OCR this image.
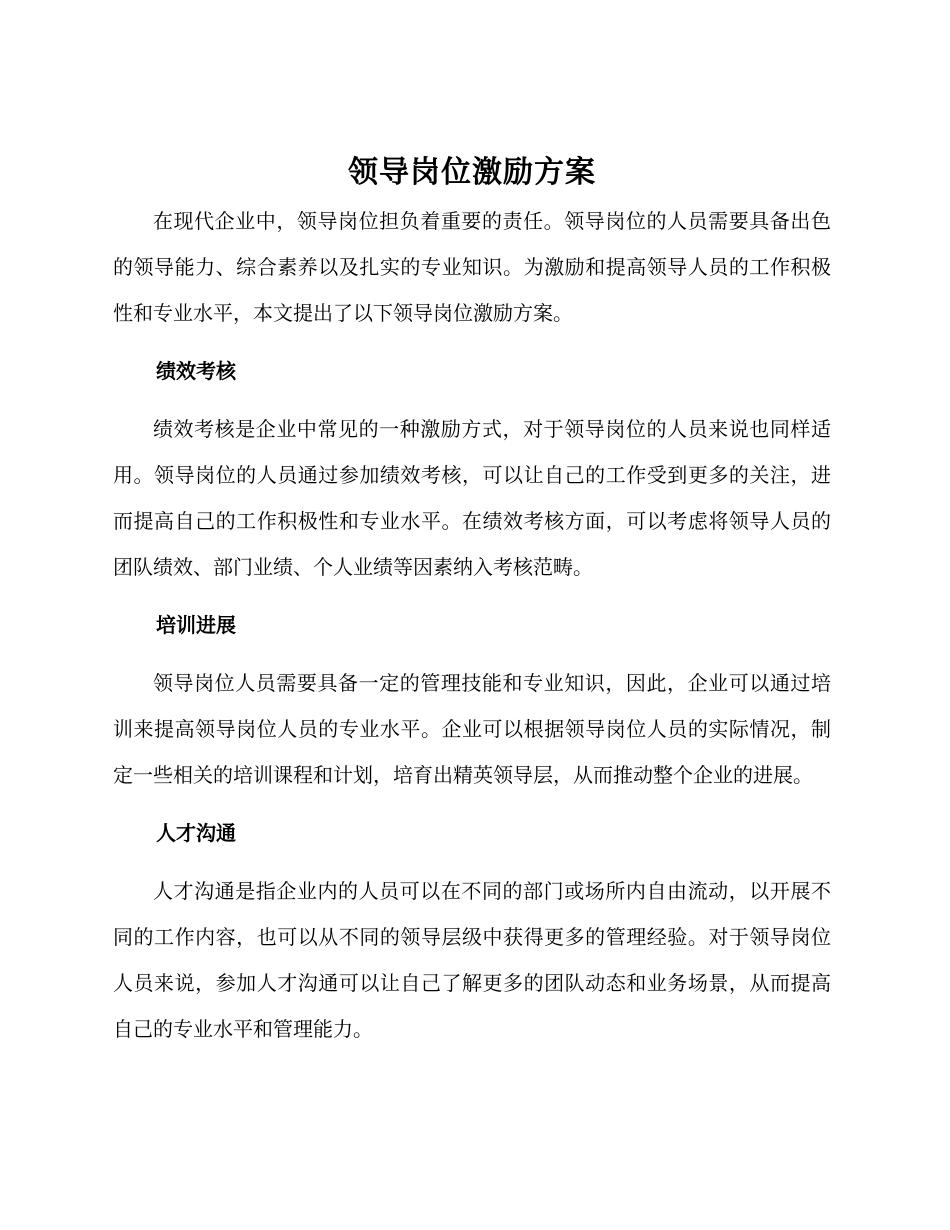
领导岗位激励方案

在现代企业中，领导岗位担负着重要的责任。领导岗位的人员需要具备出色的领导能力、综合素养以及扎实的专业知识。为激励和提高领导人员的工作积极性和专业水平，本文提出了以下领导岗位激励方案。

绩效考核

绩效考核是企业中常见的一种激励方式，对于领导岗位的人员来说也同样适用。领导岗位的人员通过参加绩效考核，可以让自己的工作受到更多的关注，进而提高自己的工作积极性和专业水平。在绩效考核方面，可以考虑将领导人员的团队绩效、部门业绩、个人业绩等因素纳入考核范畴。

培训进展

领导岗位人员需要具备一定的管理技能和专业知识，因此，企业可以通过培训来提高领导岗位人员的专业水平。企业可以根据领导岗位人员的实际情况，制定一些相关的培训课程和计划，培育出精英领导层，从而推动整个企业的进展。

人才沟通

人才沟通是指企业内的人员可以在不同的部门或场所内自由流动，以开展不同的工作内容，也可以从不同的领导层级中获得更多的管理经验。对于领导岗位人员来说，参加人才沟通可以让自己了解更多的团队动态和业务场景，从而提高自己的专业水平和管理能力。
